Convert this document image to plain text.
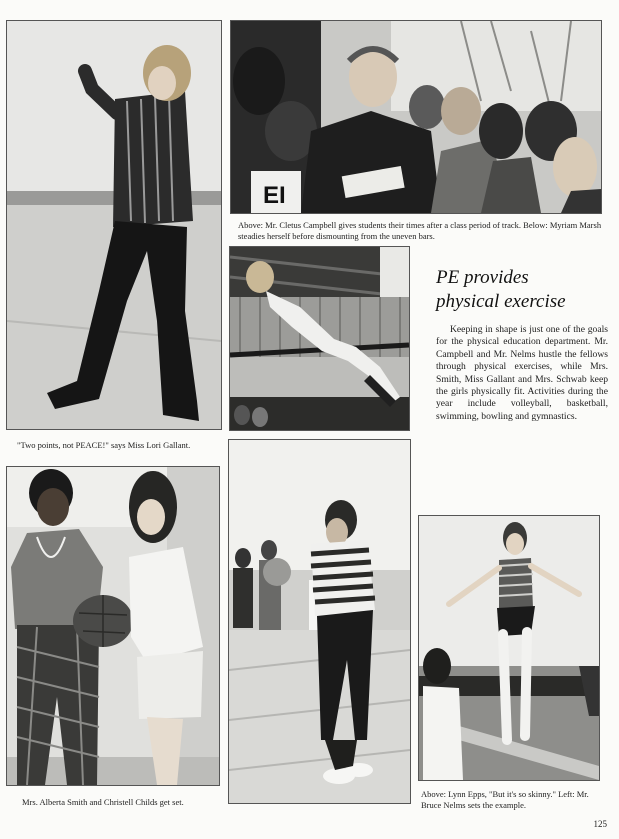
"Two points, not PEACE!" says Miss Lori Gallant.
EI
Above: Mr. Cletus Campbell gives students their times after a class period of track. Below: Myriam Marsh steadies herself before dismounting from the uneven bars.
PE provides
physical exercise
Keeping in shape is just one of the goals for the physical education department. Mr. Campbell and Mr. Nelms hustle the fellows through physical exercises, while Mrs. Smith, Miss Gallant and Mrs. Schwab keep the girls physically fit. Activities during the year include volleyball, basketball, swimming, bowling and gymnastics.
Mrs. Alberta Smith and Christell Childs get set.
Above: Lynn Epps, "But it's so skinny." Left: Mr. Bruce Nelms sets the example.
125
